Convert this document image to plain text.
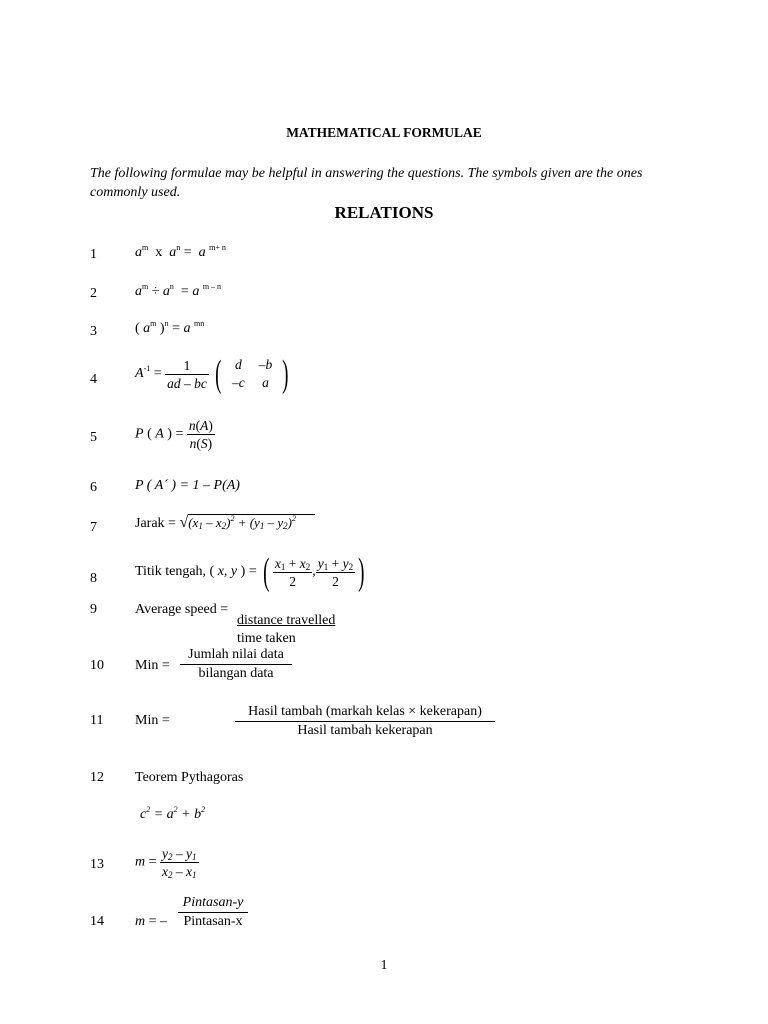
MATHEMATICAL FORMULAE
The following formulae may be helpful in answering the questions. The symbols given are the ones commonly used.
RELATIONS
1	$a^m$  x  $a^n = a$ $^{m+ n}$
2	$a^m \div a^n = a$ $^{m - n}$
3	( $a^m$ )$^n$ = a $^{mn}$
4	$A^{-1} = \frac{1}{ad - bc}$ ( d	–b
–c	a )
5	P ( A ) = $\frac{n(A)}{n(S)}$
6	P ( A´ ) = 1 – P(A)
7	Jarak = $√(x_1 - x_2)^2 + (y_1 - y_2)^2$
8	Titik tengah, ( x, y ) = ( $\frac{x_1 + x_2}{2}$ , $\frac{y_1 + y_2}{2}$ )
9	Average speed =
distance travelled
time taken
10 Min =
Jumlah nilai data
bilangan data
11 Min =
Hasil tambah (markah kelas × kekerapan)
Hasil tambah kekerapan
12 Teorem Pythagoras
$c^2 = a^2 + b^2$
13 $m = \frac{y_2 - y_1}{x_2 - x_1}$
14 m = –
Pintasan-y
Pintasan-x
1
